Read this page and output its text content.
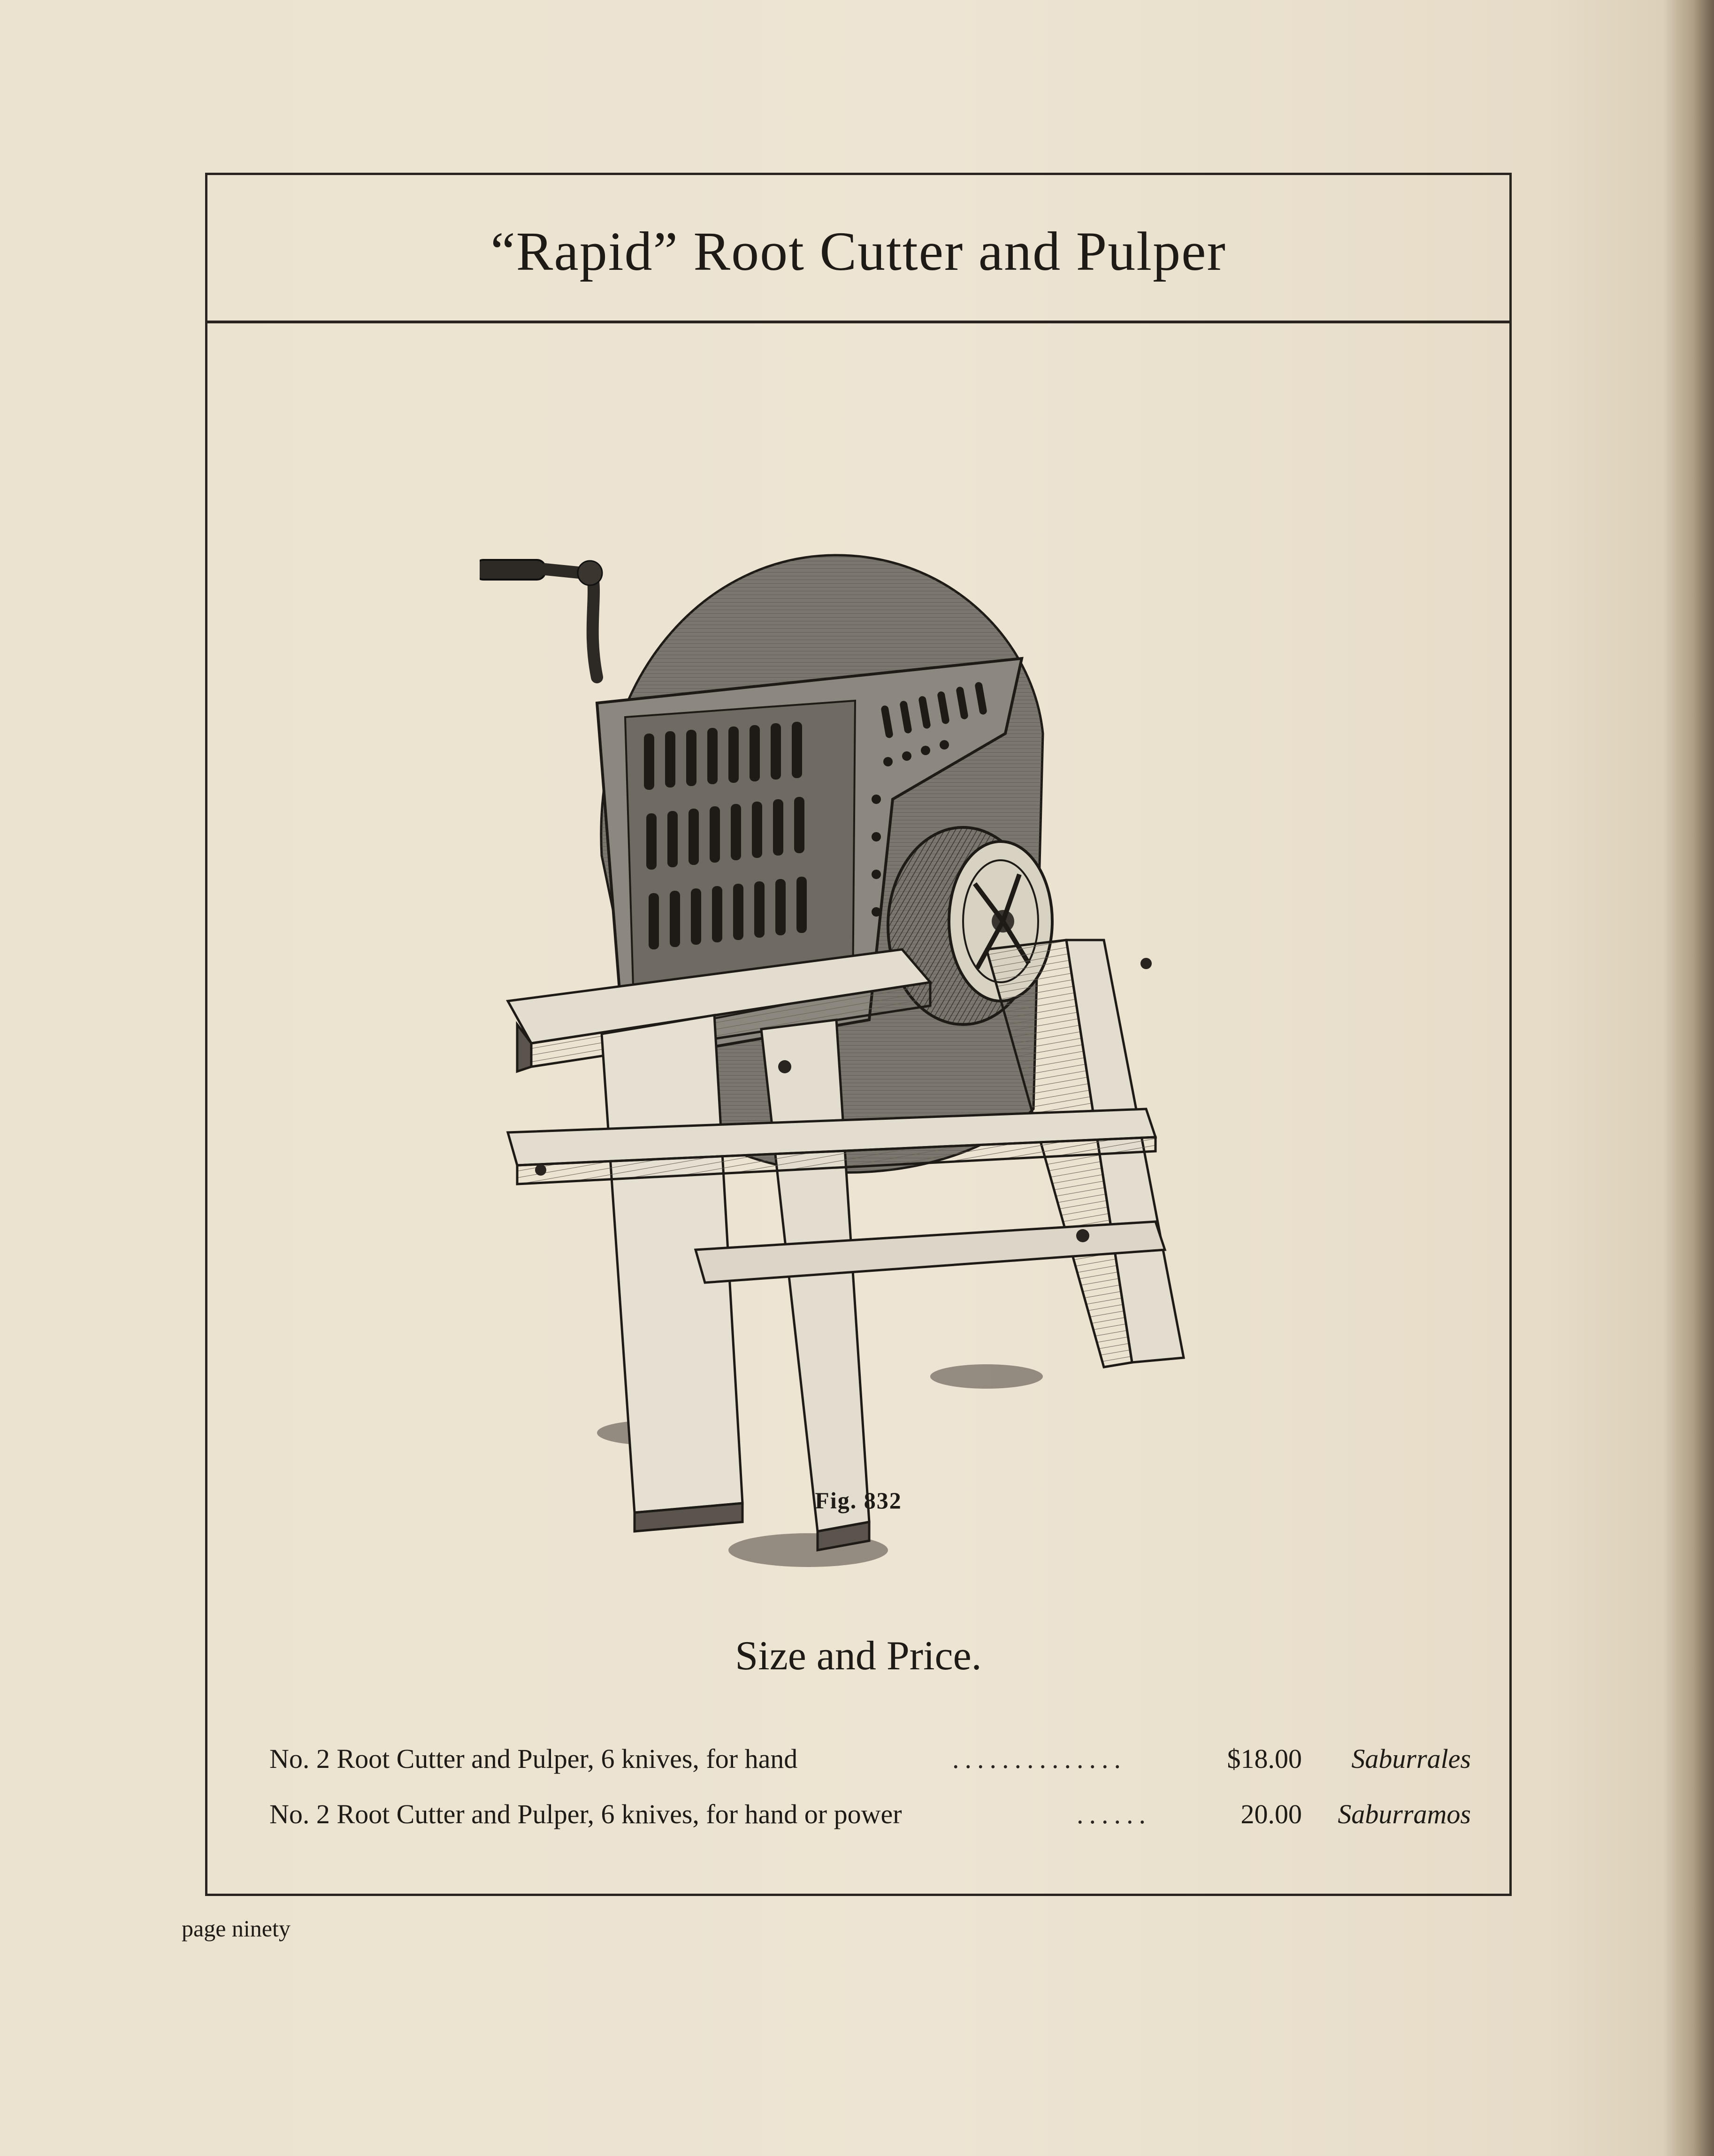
“Rapid” Root Cutter and Pulper
Fig. 832
Size and Price.
No. 2 Root Cutter and Pulper, 6 knives, for hand	..............	$18.00 Saburrales
No. 2 Root Cutter and Pulper, 6 knives, for hand or power	......	20.00 Saburramos
page ninety
